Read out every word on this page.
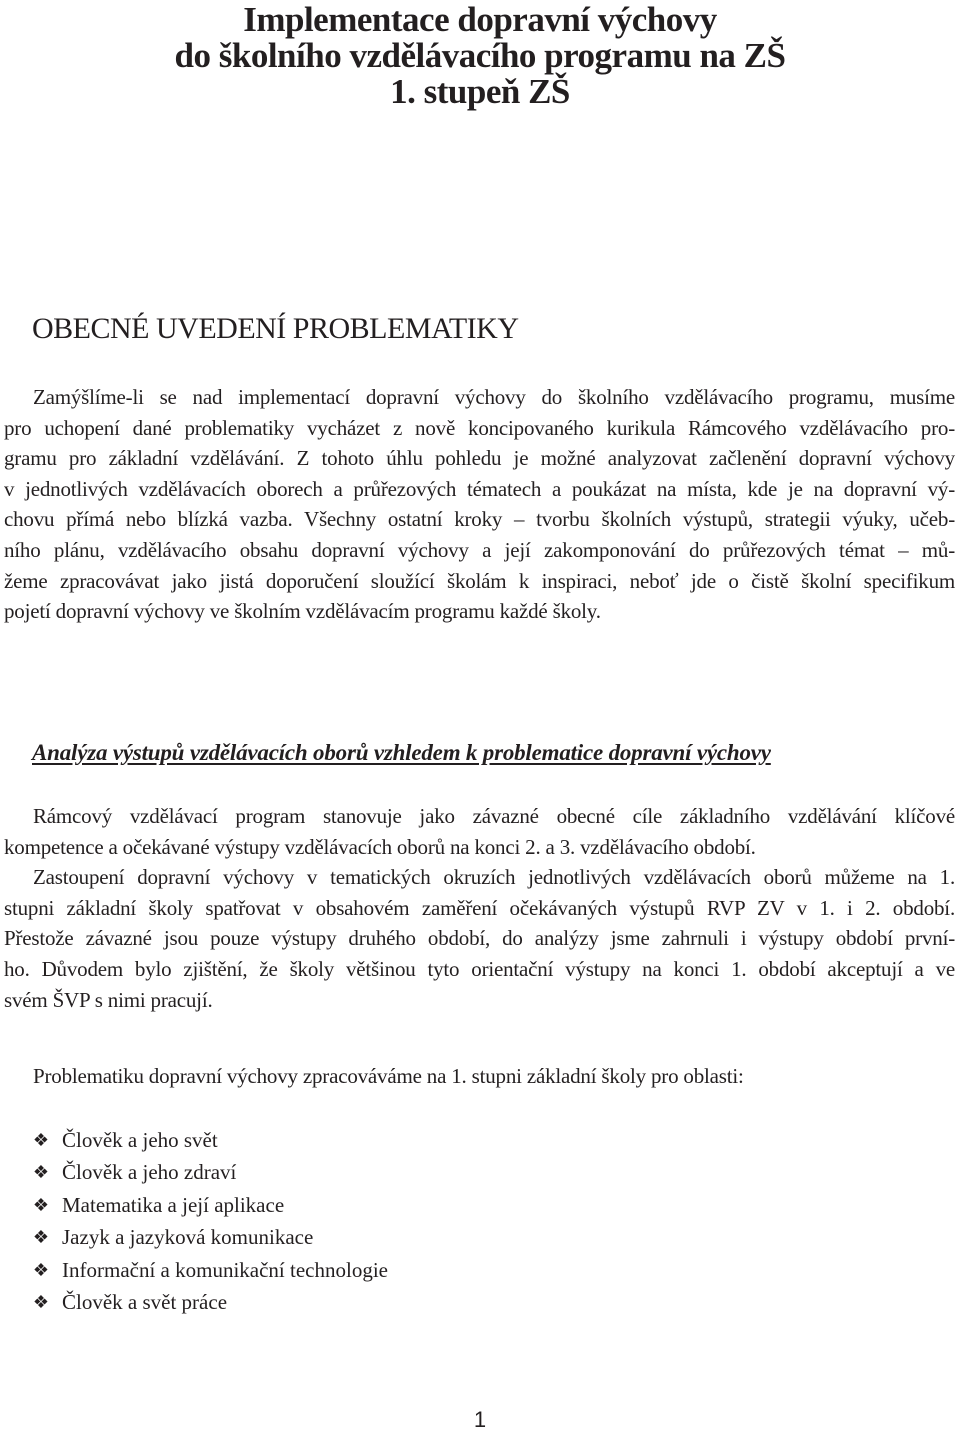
Implementace dopravní výchovy
do školního vzdělávacího programu na ZŠ
1. stupeň ZŠ
OBECNÉ UVEDENÍ PROBLEMATIKY

Zamýšlíme-li se nad implementací dopravní výchovy do školního vzdělávacího programu, musíme
pro uchopení dané problematiky vycházet z nově koncipovaného kurikula Rámcového vzdělávacího pro-
gramu pro základní vzdělávání. Z tohoto úhlu pohledu je možné analyzovat začlenění dopravní výchovy
v jednotlivých vzdělávacích oborech a průřezových tématech a poukázat na místa, kde je na dopravní vý-
chovu přímá nebo blízká vazba. Všechny ostatní kroky – tvorbu školních výstupů, strategii výuky, učeb-
ního plánu, vzdělávacího obsahu dopravní výchovy a její zakomponování do průřezových témat – mů-
žeme zpracovávat jako jistá doporučení sloužící školám k inspiraci, neboť jde o čistě školní specifikum
pojetí dopravní výchovy ve školním vzdělávacím programu každé školy.

Analýza výstupů vzdělávacích oborů vzhledem k problematice dopravní výchovy

Rámcový vzdělávací program stanovuje jako závazné obecné cíle základního vzdělávání klíčové
kompetence a očekávané výstupy vzdělávacích oborů na konci 2. a 3. vzdělávacího období.
Zastoupení dopravní výchovy v tematických okruzích jednotlivých vzdělávacích oborů můžeme na 1.
stupni základní školy spatřovat v obsahovém zaměření očekávaných výstupů RVP ZV v 1. i 2. období.
Přestože závazné jsou pouze výstupy druhého období, do analýzy jsme zahrnuli i výstupy období první-
ho. Důvodem bylo zjištění, že školy většinou tyto orientační výstupy na konci 1. období akceptují a ve
svém ŠVP s nimi pracují.

Problematiku dopravní výchovy zpracováváme na 1. stupni základní školy pro oblasti:

❖ Člověk a jeho svět
❖ Člověk a jeho zdraví
❖ Matematika a její aplikace
❖ Jazyk a jazyková komunikace
❖ Informační a komunikační technologie
❖ Člověk a svět práce
1
